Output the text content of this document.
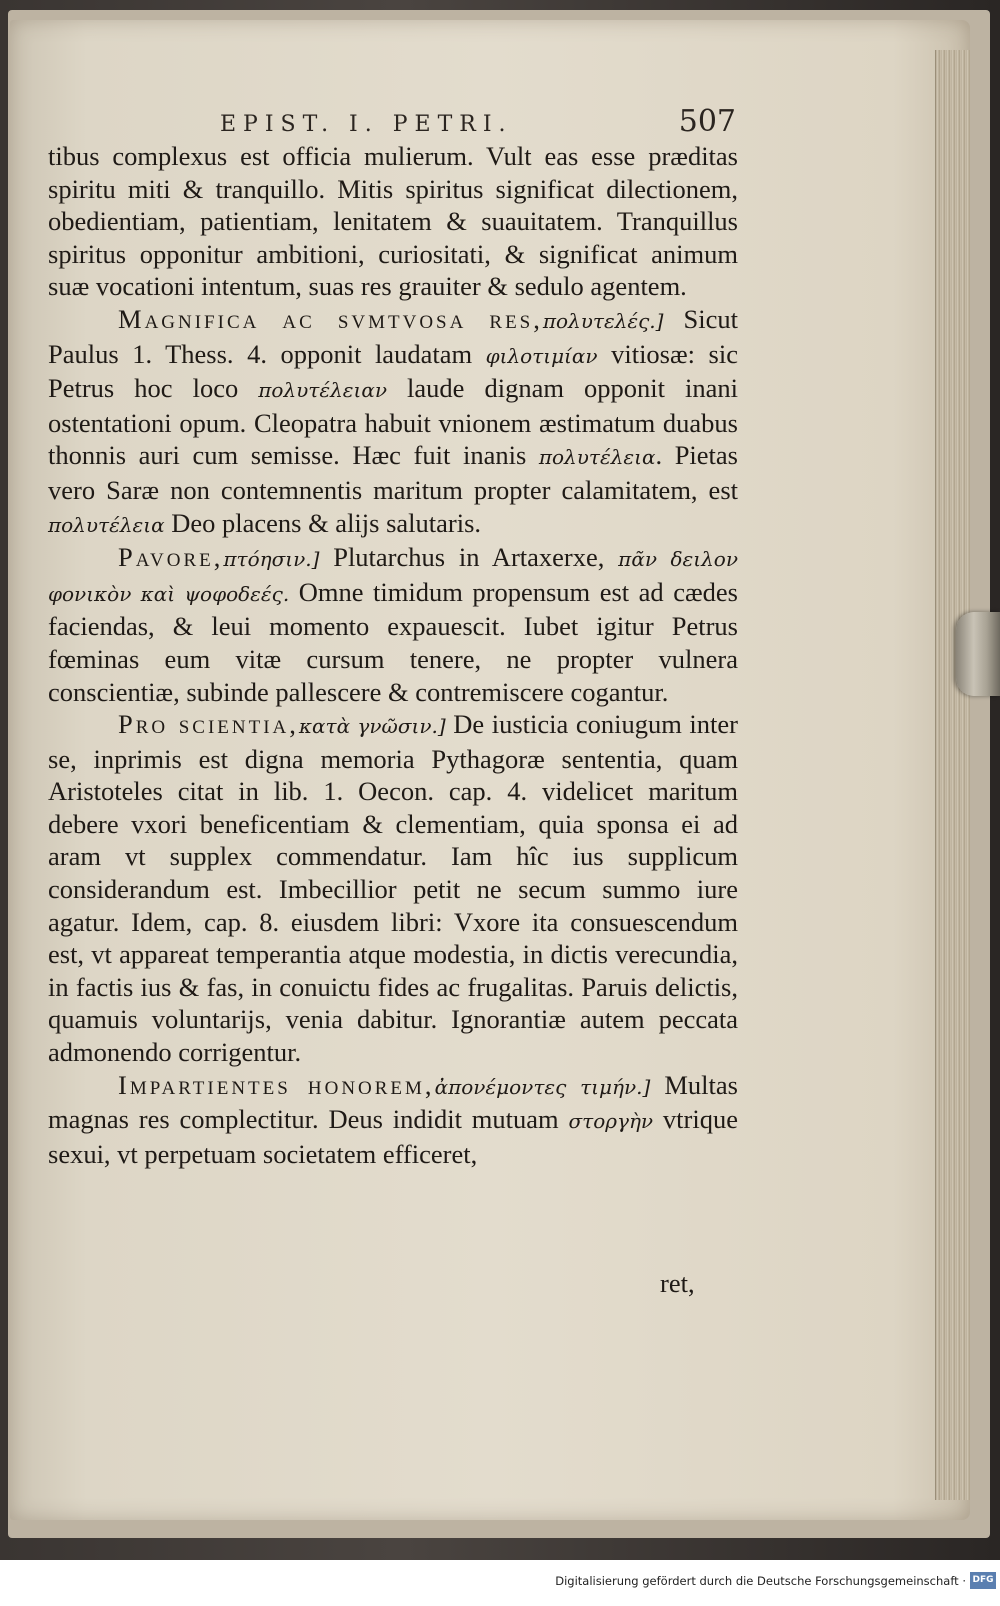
EPIST. I. PETRI.	507

tibus complexus est officia mulierum. Vult eas esse præditas spiritu miti & tranquillo. Mitis spiritus significat dilectionem, obedientiam, patientiam, lenitatem & suauitatem. Tranquillus spiritus opponitur ambitioni, curiositati, & significat animum suæ vocationi intentum, suas res grauiter & sedulo agentem.

Magnifica ac svmtvosa res,πολυτελές.] Sicut Paulus 1. Thess. 4. opponit laudatam φιλοτιμίαν vitiosæ: sic Petrus hoc loco πολυτέλειαν laude dignam opponit inani ostentationi opum. Cleopatra habuit vnionem æstimatum duabus thonnis auri cum semisse. Hæc fuit inanis πολυτέλεια. Pietas vero Saræ non contemnentis maritum propter calamitatem, est πολυτέλεια Deo placens & alijs salutaris.

Pavore,πτόησιν.] Plutarchus in Artaxerxe, πᾶν δειλον φονικὸν καὶ ψοφοδεές. Omne timidum propensum est ad cædes faciendas, & leui momento expauescit. Iubet igitur Petrus fœminas eum vitæ cursum tenere, ne propter vulnera conscientiæ, subinde pallescere & contremiscere cogantur.

Pro scientia,κατὰ γνῶσιν.] De iusticia coniugum inter se, inprimis est digna memoria Pythagoræ sententia, quam Aristoteles citat in lib. 1. Oecon. cap. 4. videlicet maritum debere vxori beneficentiam & clementiam, quia sponsa ei ad aram vt supplex commendatur. Iam hîc ius supplicum considerandum est. Imbecillior petit ne secum summo iure agatur. Idem, cap. 8. eiusdem libri: Vxore ita consuescendum est, vt appareat temperantia atque modestia, in dictis verecundia, in factis ius & fas, in conuictu fides ac frugalitas. Paruis delictis, quamuis voluntarijs, venia dabitur. Ignorantiæ autem peccata admonendo corrigentur.

Impartientes honorem,ἀπονέμοντες τιμήν.] Multas magnas res complectitur. Deus indidit mutuam στοργὴν vtrique sexui, vt perpetuam societatem efficeret,

ret,
Digitalisierung gefördert durch die Deutsche Forschungsgemeinschaft · DFG
